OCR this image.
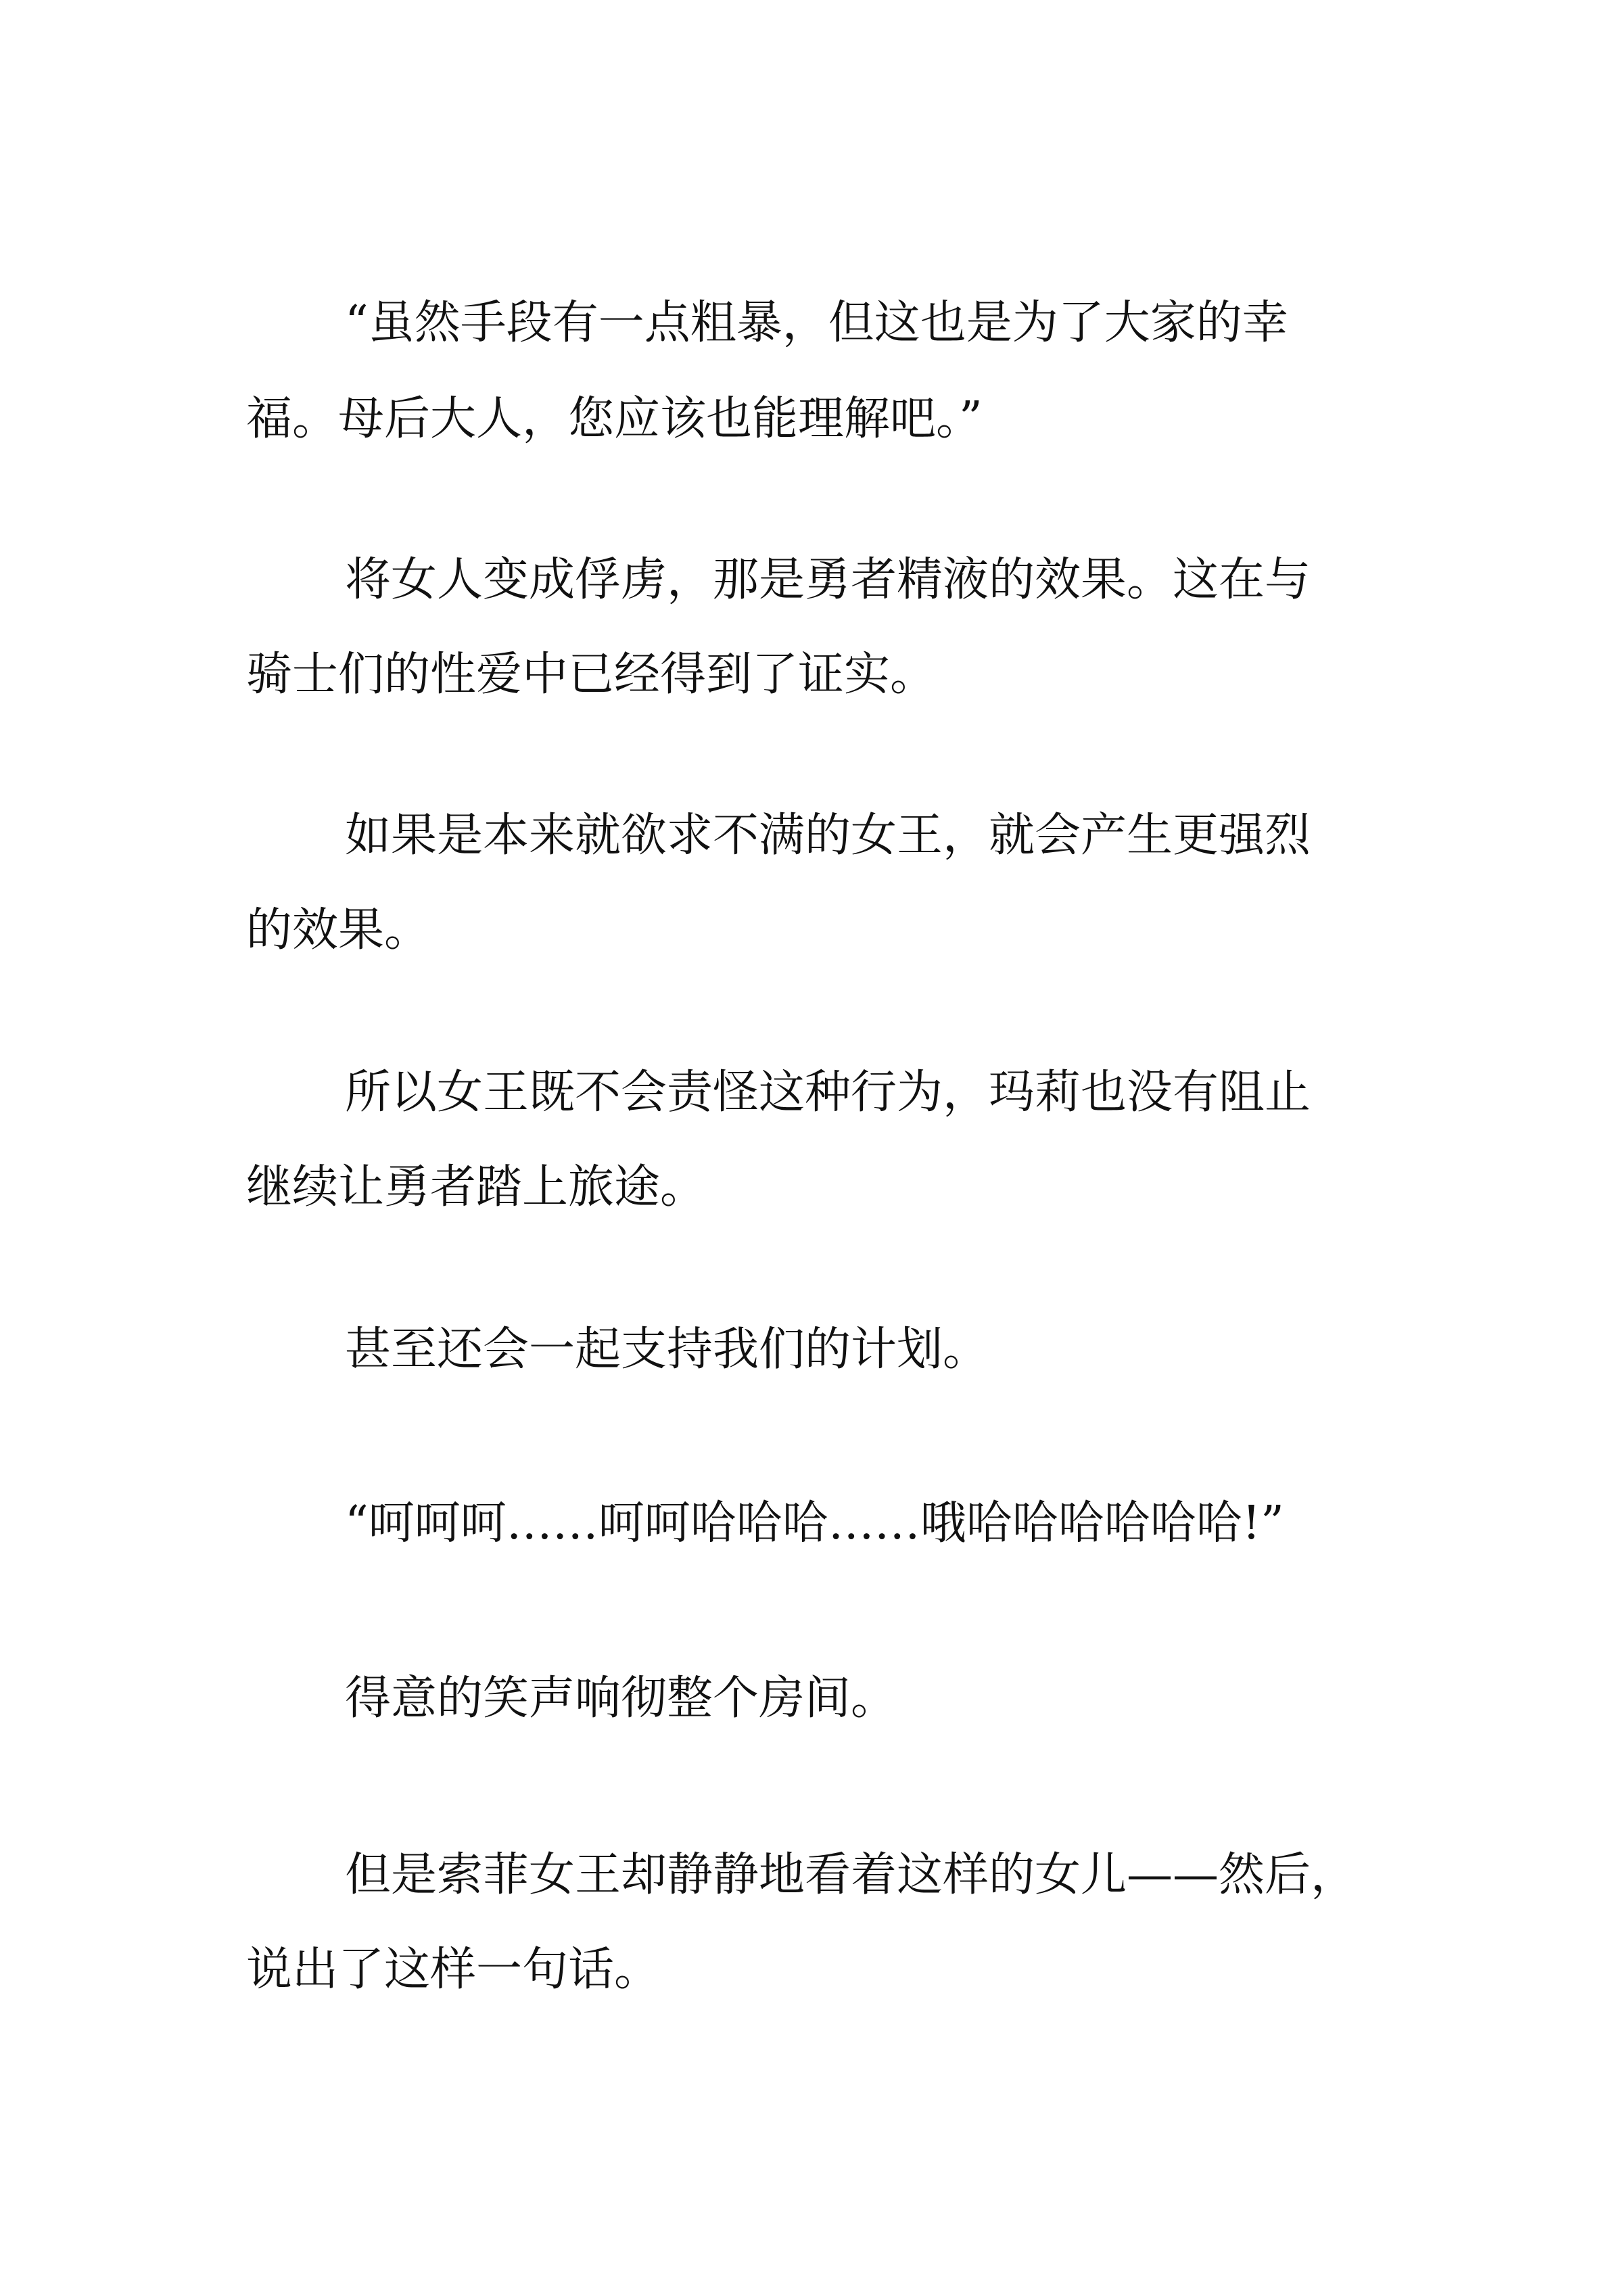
“虽然手段有一点粗暴，但这也是为了大家的幸
福。母后大人，您应该也能理解吧。”
将女人变成俘虏，那是勇者精液的效果。这在与
骑士们的性爱中已经得到了证实。
如果是本来就欲求不满的女王，就会产生更强烈
的效果。
所以女王既不会责怪这种行为，玛莉也没有阻止
继续让勇者踏上旅途。
甚至还会一起支持我们的计划。
“呵呵呵……呵呵哈哈哈……哦哈哈哈哈哈哈!”
得意的笑声响彻整个房间。
但是索菲女王却静静地看着这样的女儿——然后，
说出了这样一句话。
